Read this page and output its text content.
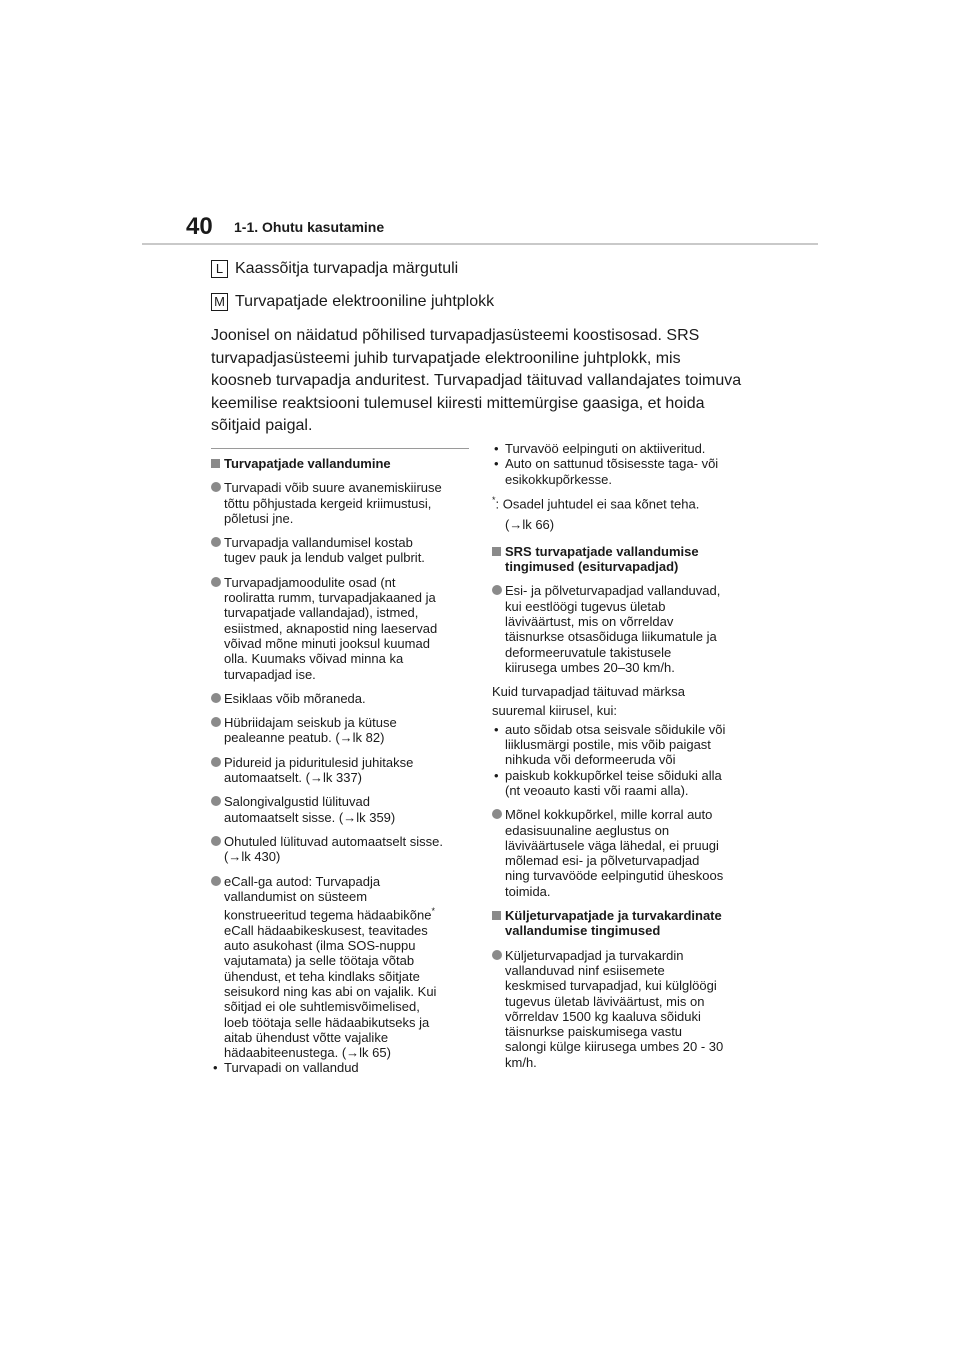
40 1-1. Ohutu kasutamine
L Kaassõitja turvapadja märgutuli
M Turvapatjade elektrooniline juhtplokk

Joonisel on näidatud põhilised turvapadjasüsteemi koostisosad. SRS
turvapadjasüsteemi juhib turvapatjade elektrooniline juhtplokk, mis
koosneb turvapadja anduritest. Turvapadjad täituvad vallandajates toimuva
keemilise reaktsiooni tulemusel kiiresti mittemürgise gaasiga, et hoida
sõitjaid paigal.

Turvapatjade vallandumine
Turvapadi võib suure avanemiskiiruse
tõttu põhjustada kergeid kriimustusi,
põletusi jne.
Turvapadja vallandumisel kostab
tugev pauk ja lendub valget pulbrit.
Turvapadjamoodulite osad (nt
rooliratta rumm, turvapadjakaaned ja
turvapatjade vallandajad), istmed,
esiistmed, aknapostid ning laeservad
võivad mõne minuti jooksul kuumad
olla. Kuumaks võivad minna ka
turvapadjad ise.
Esiklaas võib mõraneda.
Hübriidajam seiskub ja kütuse
pealeanne peatub. (→lk 82)
Pidureid ja piduritulesid juhitakse
automaatselt. (→lk 337)
Salongivalgustid lülituvad
automaatselt sisse. (→lk 359)
Ohutuled lülituvad automaatselt sisse.
(→lk 430)
eCall-ga autod: Turvapadja
vallandumist on süsteem
konstrueeritud tegema hädaabikõne*
eCall hädaabikeskusest, teavitades
auto asukohast (ilma SOS-nuppu
vajutamata) ja selle töötaja võtab
ühendust, et teha kindlaks sõitjate
seisukord ning kas abi on vajalik. Kui
sõitjad ei ole suhtlemisvõimelised,
loeb töötaja selle hädaabikutseks ja
aitab ühendust võtte vajalike
hädaabiteenustega. (→lk 65)
• Turvapadi on vallandud
• Turvavöö eelpinguti on aktiiveritud.
• Auto on sattunud tõsisesste taga- või
esikokkupõrkesse.
*: Osadel juhtudel ei saa kõnet teha.
(→lk 66)
SRS turvapatjade vallandumise
tingimused (esiturvapadjad)
Esi- ja põlveturvapadjad vallanduvad,
kui eestlöögi tugevus ületab
läviväärtust, mis on võrreldav
täisnurkse otsasõiduga liikumatule ja
deformeeruvatule takistusele
kiirusega umbes 20–30 km/h.
Kuid turvapadjad täituvad märksa
suuremal kiirusel, kui:
• auto sõidab otsa seisvale sõidukile või
liiklusmärgi postile, mis võib paigast
nihkuda või deformeeruda või
• paiskub kokkupõrkel teise sõiduki alla
(nt veoauto kasti või raami alla).
Mõnel kokkupõrkel, mille korral auto
edasisuunaline aeglustus on
läviväärtusele väga lähedal, ei pruugi
mõlemad esi- ja põlveturvapadjad
ning turvavööde eelpingutid üheskoos
toimida.
Küljeturvapatjade ja turvakardinate
vallandumise tingimused
Küljeturvapadjad ja turvakardin
vallanduvad ninf esiisemete
keskmised turvapadjad, kui külglöögi
tugevus ületab läviväärtust, mis on
võrreldav 1500 kg kaaluva sõiduki
täisnurkse paiskumisega vastu
salongi külge kiirusega umbes 20 - 30
km/h.
